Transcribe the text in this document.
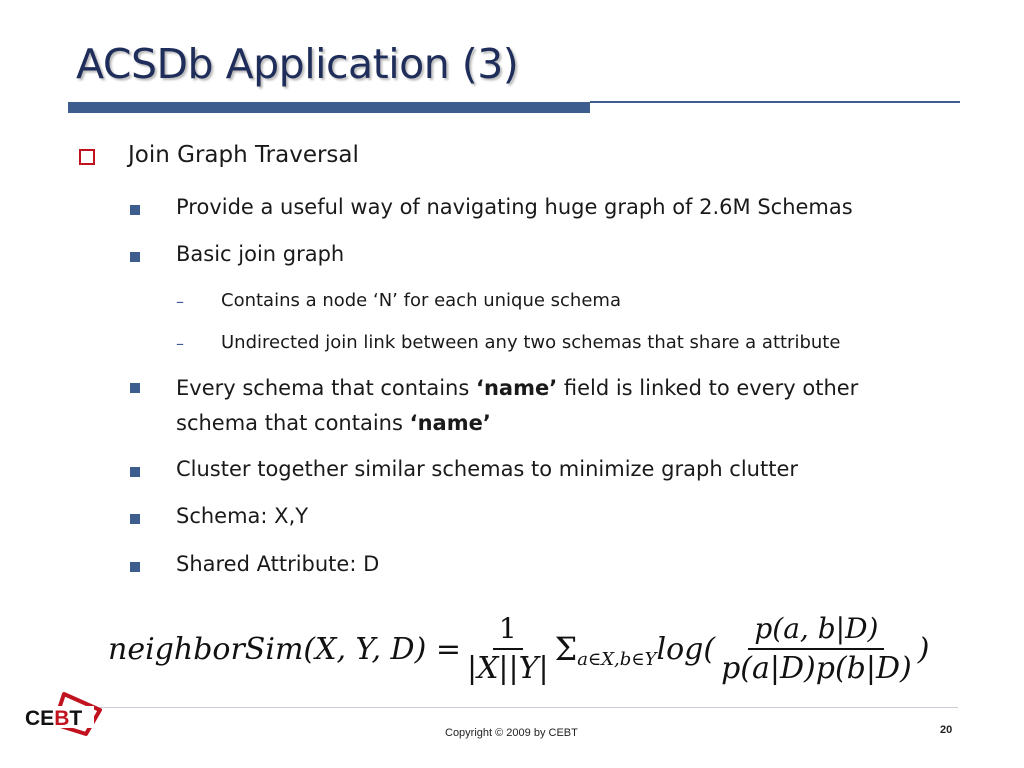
ACSDb Application (3)
Join Graph Traversal
Provide a useful way of navigating huge graph of 2.6M Schemas
Basic join graph
– Contains a node ‘N’ for each unique schema
– Undirected join link between any two schemas that share a attribute
Every schema that contains ‘name’ field is linked to every other
schema that contains ‘name’
Cluster together similar schemas to minimize graph clutter
Schema: X,Y
Shared Attribute: D
neighborSim(X, Y, $D) = \frac{1}{|X||Y|}$ Σ a∈X,b∈Y $\log( \frac{p(a, b|D)}{p(a|D)p(b|D)}$ )
CEBT
Copyright © 2009 by CEBT	20
